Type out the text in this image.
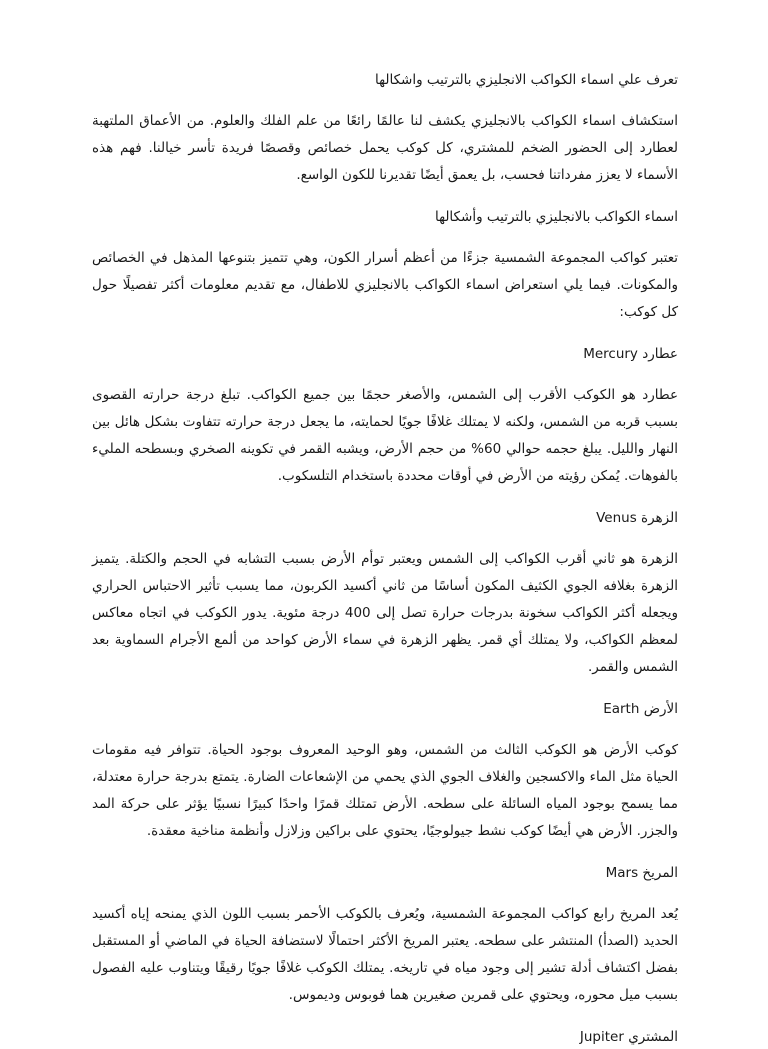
تعرف علي اسماء الكواكب الانجليزي بالترتيب واشكالها

استكشاف اسماء الكواكب بالانجليزي يكشف لنا عالمًا رائعًا من علم الفلك والعلوم. من الأعماق الملتهبة لعطارد إلى الحضور الضخم للمشتري، كل كوكب يحمل خصائص وقصصًا فريدة تأسر خيالنا. فهم هذه الأسماء لا يعزز مفرداتنا فحسب، بل يعمق أيضًا تقديرنا للكون الواسع.

اسماء الكواكب بالانجليزي بالترتيب وأشكالها

تعتبر كواكب المجموعة الشمسية جزءًا من أعظم أسرار الكون، وهي تتميز بتنوعها المذهل في الخصائص والمكونات. فيما يلي استعراض اسماء الكواكب بالانجليزي للاطفال، مع تقديم معلومات أكثر تفصيلًا حول كل كوكب:

عطارد Mercury

عطارد هو الكوكب الأقرب إلى الشمس، والأصغر حجمًا بين جميع الكواكب. تبلغ درجة حرارته القصوى بسبب قربه من الشمس، ولكنه لا يمتلك غلافًا جويًا لحمايته، ما يجعل درجة حرارته تتفاوت بشكل هائل بين النهار والليل. يبلغ حجمه حوالي 60% من حجم الأرض، ويشبه القمر في تكوينه الصخري وبسطحه المليء بالفوهات. يُمكن رؤيته من الأرض في أوقات محددة باستخدام التلسكوب.

الزهرة Venus

الزهرة هو ثاني أقرب الكواكب إلى الشمس ويعتبر توأم الأرض بسبب التشابه في الحجم والكتلة. يتميز الزهرة بغلافه الجوي الكثيف المكون أساسًا من ثاني أكسيد الكربون، مما يسبب تأثير الاحتباس الحراري ويجعله أكثر الكواكب سخونة بدرجات حرارة تصل إلى 400 درجة مئوية. يدور الكوكب في اتجاه معاكس لمعظم الكواكب، ولا يمتلك أي قمر. يظهر الزهرة في سماء الأرض كواحد من ألمع الأجرام السماوية بعد الشمس والقمر.

الأرض Earth

كوكب الأرض هو الكوكب الثالث من الشمس، وهو الوحيد المعروف بوجود الحياة. تتوافر فيه مقومات الحياة مثل الماء والاكسجين والغلاف الجوي الذي يحمي من الإشعاعات الضارة. يتمتع بدرجة حرارة معتدلة، مما يسمح بوجود المياه السائلة على سطحه. الأرض تمتلك قمرًا واحدًا كبيرًا نسبيًا يؤثر على حركة المد والجزر. الأرض هي أيضًا كوكب نشط جيولوجيًا، يحتوي على براكين وزلازل وأنظمة مناخية معقدة.

المريخ Mars

يُعد المريخ رابع كواكب المجموعة الشمسية، ويُعرف بالكوكب الأحمر بسبب اللون الذي يمنحه إياه أكسيد الحديد (الصدأ) المنتشر على سطحه. يعتبر المريخ الأكثر احتمالًا لاستضافة الحياة في الماضي أو المستقبل بفضل اكتشاف أدلة تشير إلى وجود مياه في تاريخه. يمتلك الكوكب غلافًا جويًا رقيقًا ويتناوب عليه الفصول بسبب ميل محوره، ويحتوي على قمرين صغيرين هما فوبوس وديموس.

المشتري Jupiter
